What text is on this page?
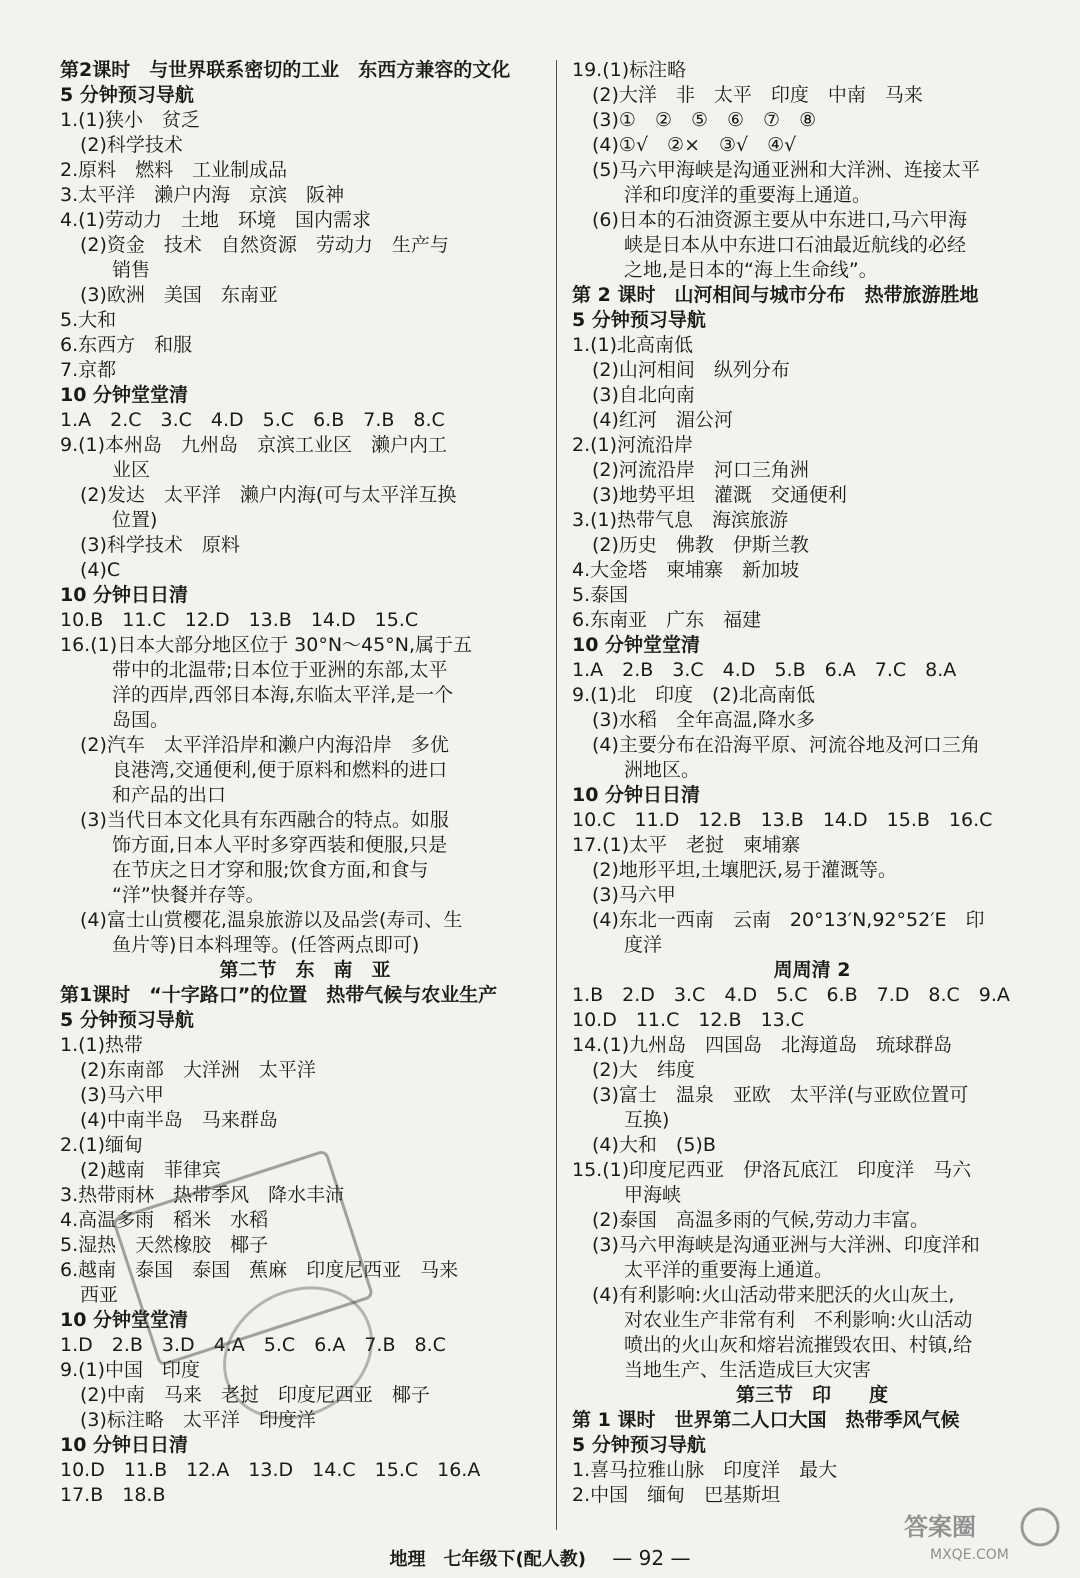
第2课时　与世界联系密切的工业　东西方兼容的文化
5 分钟预习导航
1.(1)狭小　贫乏
(2)科学技术
2.原料　燃料　工业制成品
3.太平洋　濑户内海　京滨　阪神
4.(1)劳动力　土地　环境　国内需求
(2)资金　技术　自然资源　劳动力　生产与
销售
(3)欧洲　美国　东南亚
5.大和
6.东西方　和服
7.京都
10 分钟堂堂清
1.A　2.C　3.C　4.D　5.C　6.B　7.B　8.C
9.(1)本州岛　九州岛　京滨工业区　濑户内工
业区
(2)发达　太平洋　濑户内海(可与太平洋互换
位置)
(3)科学技术　原料
(4)C
10 分钟日日清
10.B　11.C　12.D　13.B　14.D　15.C
16.(1)日本大部分地区位于 30°N～45°N,属于五
带中的北温带;日本位于亚洲的东部,太平
洋的西岸,西邻日本海,东临太平洋,是一个
岛国。
(2)汽车　太平洋沿岸和濑户内海沿岸　多优
良港湾,交通便利,便于原料和燃料的进口
和产品的出口
(3)当代日本文化具有东西融合的特点。如服
饰方面,日本人平时多穿西装和便服,只是
在节庆之日才穿和服;饮食方面,和食与
“洋”快餐并存等。
(4)富士山赏樱花,温泉旅游以及品尝(寿司、生
鱼片等)日本料理等。(任答两点即可)
第二节　东　南　亚
第1课时　“十字路口”的位置　热带气候与农业生产
5 分钟预习导航
1.(1)热带
(2)东南部　大洋洲　太平洋
(3)马六甲
(4)中南半岛　马来群岛
2.(1)缅甸
(2)越南　菲律宾
3.热带雨林　热带季风　降水丰沛
4.高温多雨　稻米　水稻
5.湿热　天然橡胶　椰子
6.越南　泰国　泰国　蕉麻　印度尼西亚　马来
西亚
10 分钟堂堂清
1.D　2.B　3.D　4.A　5.C　6.A　7.B　8.C
9.(1)中国　印度
(2)中南　马来　老挝　印度尼西亚　椰子
(3)标注略　太平洋　印度洋
10 分钟日日清
10.D　11.B　12.A　13.D　14.C　15.C　16.A
17.B　18.B
19.(1)标注略
(2)大洋　非　太平　印度　中南　马来
(3)①　②　⑤　⑥　⑦　⑧
(4)①√　②×　③√　④√
(5)马六甲海峡是沟通亚洲和大洋洲、连接太平
洋和印度洋的重要海上通道。
(6)日本的石油资源主要从中东进口,马六甲海
峡是日本从中东进口石油最近航线的必经
之地,是日本的“海上生命线”。
第 2 课时　山河相间与城市分布　热带旅游胜地
5 分钟预习导航
1.(1)北高南低
(2)山河相间　纵列分布
(3)自北向南
(4)红河　湄公河
2.(1)河流沿岸
(2)河流沿岸　河口三角洲
(3)地势平坦　灌溉　交通便利
3.(1)热带气息　海滨旅游
(2)历史　佛教　伊斯兰教
4.大金塔　柬埔寨　新加坡
5.泰国
6.东南亚　广东　福建
10 分钟堂堂清
1.A　2.B　3.C　4.D　5.B　6.A　7.C　8.A
9.(1)北　印度　(2)北高南低
(3)水稻　全年高温,降水多
(4)主要分布在沿海平原、河流谷地及河口三角
洲地区。
10 分钟日日清
10.C　11.D　12.B　13.B　14.D　15.B　16.C
17.(1)太平　老挝　柬埔寨
(2)地形平坦,土壤肥沃,易于灌溉等。
(3)马六甲
(4)东北一西南　云南　20°13′N,92°52′E　印
度洋
周周清 2
1.B　2.D　3.C　4.D　5.C　6.B　7.D　8.C　9.A
10.D　11.C　12.B　13.C
14.(1)九州岛　四国岛　北海道岛　琉球群岛
(2)大　纬度
(3)富士　温泉　亚欧　太平洋(与亚欧位置可
互换)
(4)大和　(5)B
15.(1)印度尼西亚　伊洛瓦底江　印度洋　马六
甲海峡
(2)泰国　高温多雨的气候,劳动力丰富。
(3)马六甲海峡是沟通亚洲与大洋洲、印度洋和
太平洋的重要海上通道。
(4)有利影响:火山活动带来肥沃的火山灰土,
对农业生产非常有利　不利影响:火山活动
喷出的火山灰和熔岩流摧毁农田、村镇,给
当地生产、生活造成巨大灾害
第三节　印　　度
第 1 课时　世界第二人口大国　热带季风气候
5 分钟预习导航
1.喜马拉雅山脉　印度洋　最大
2.中国　缅甸　巴基斯坦
地理　七年级下(配人教) — 92 —
答案圈
MXQE.COM
